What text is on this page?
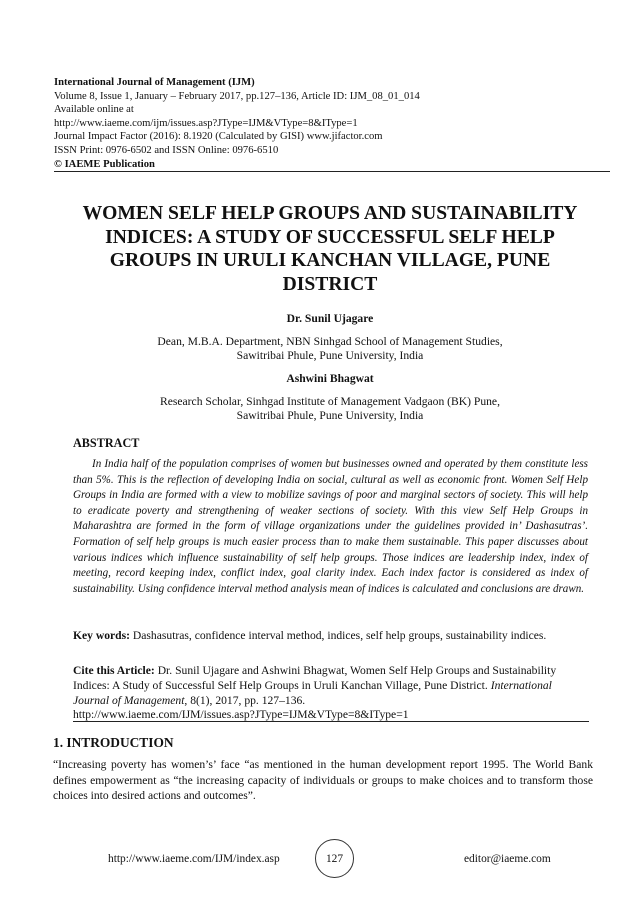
International Journal of Management (IJM)
Volume 8, Issue 1, January – February 2017, pp.127–136, Article ID: IJM_08_01_014
Available online at
http://www.iaeme.com/ijm/issues.asp?JType=IJM&VType=8&IType=1
Journal Impact Factor (2016): 8.1920 (Calculated by GISI) www.jifactor.com
ISSN Print: 0976-6502 and ISSN Online: 0976-6510
© IAEME Publication
WOMEN SELF HELP GROUPS AND SUSTAINABILITY
INDICES: A STUDY OF SUCCESSFUL SELF HELP
GROUPS IN URULI KANCHAN VILLAGE, PUNE
DISTRICT
Dr. Sunil Ujagare
Dean, M.B.A. Department, NBN Sinhgad School of Management Studies,
Sawitribai Phule, Pune University, India
Ashwini Bhagwat
Research Scholar, Sinhgad Institute of Management Vadgaon (BK) Pune,
Sawitribai Phule, Pune University, India
ABSTRACT
In India half of the population comprises of women but businesses owned and operated by them constitute less than 5%. This is the reflection of developing India on social, cultural as well as economic front. Women Self Help Groups in India are formed with a view to mobilize savings of poor and marginal sectors of society. This will help to eradicate poverty and strengthening of weaker sections of society. With this view Self Help Groups in Maharashtra are formed in the form of village organizations under the guidelines provided in’ Dashasutras’. Formation of self help groups is much easier process than to make them sustainable. This paper discusses about various indices which influence sustainability of self help groups. Those indices are leadership index, index of meeting, record keeping index, conflict index, goal clarity index. Each index factor is considered as index of sustainability. Using confidence interval method analysis mean of indices is calculated and conclusions are drawn.
Key words: Dashasutras, confidence interval method, indices, self help groups, sustainability indices.
Cite this Article: Dr. Sunil Ujagare and Ashwini Bhagwat, Women Self Help Groups and Sustainability Indices: A Study of Successful Self Help Groups in Uruli Kanchan Village, Pune District. International Journal of Management, 8(1), 2017, pp. 127–136.
http://www.iaeme.com/IJM/issues.asp?JType=IJM&VType=8&IType=1
1. INTRODUCTION
“Increasing poverty has women’s’ face “as mentioned in the human development report 1995. The World Bank defines empowerment as “the increasing capacity of individuals or groups to make choices and to transform those choices into desired actions and outcomes”.
http://www.iaeme.com/IJM/index.asp	127	editor@iaeme.com
